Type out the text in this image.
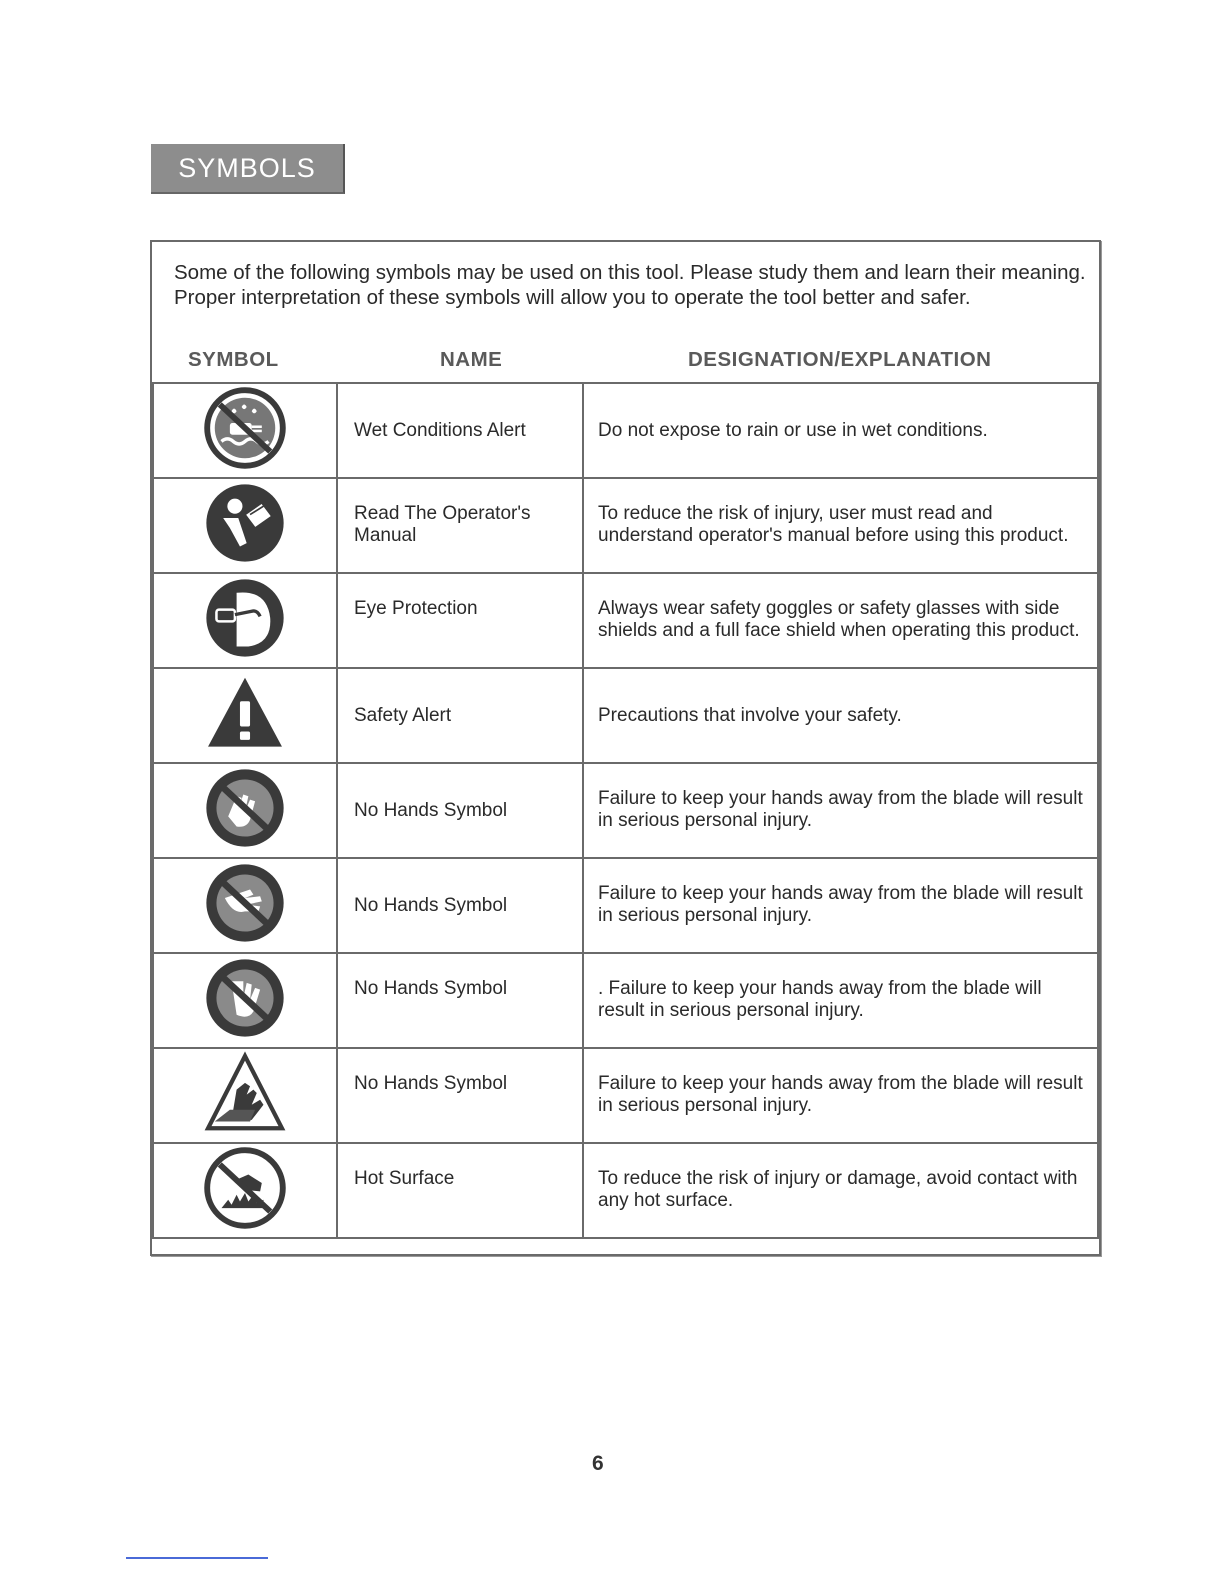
SYMBOLS
Some of the following symbols may be used on this tool. Please study them and learn their meaning. Proper interpretation of these symbols will allow you to operate the tool better and safer.
SYMBOL	NAME	DESIGNATION/EXPLANATION
	Wet Conditions Alert	Do not expose to rain or use in wet conditions.
	Read The Operator's Manual	To reduce the risk of injury, user must read and understand operator's manual before using this product.
	Eye Protection	Always wear safety goggles or safety glasses with side shields and a full face shield when operating this product.
	Safety Alert	Precautions that involve your safety.
	No Hands Symbol	Failure to keep your hands away from the blade will result in serious personal injury.
	No Hands Symbol	Failure to keep your hands away from the blade will result in serious personal injury.
	No Hands Symbol	. Failure to keep your hands away from the blade will result in serious personal injury.
	No Hands Symbol	Failure to keep your hands away from the blade will result in serious personal injury.
	Hot Surface	To reduce the risk of injury or damage, avoid contact with any hot surface.
6
